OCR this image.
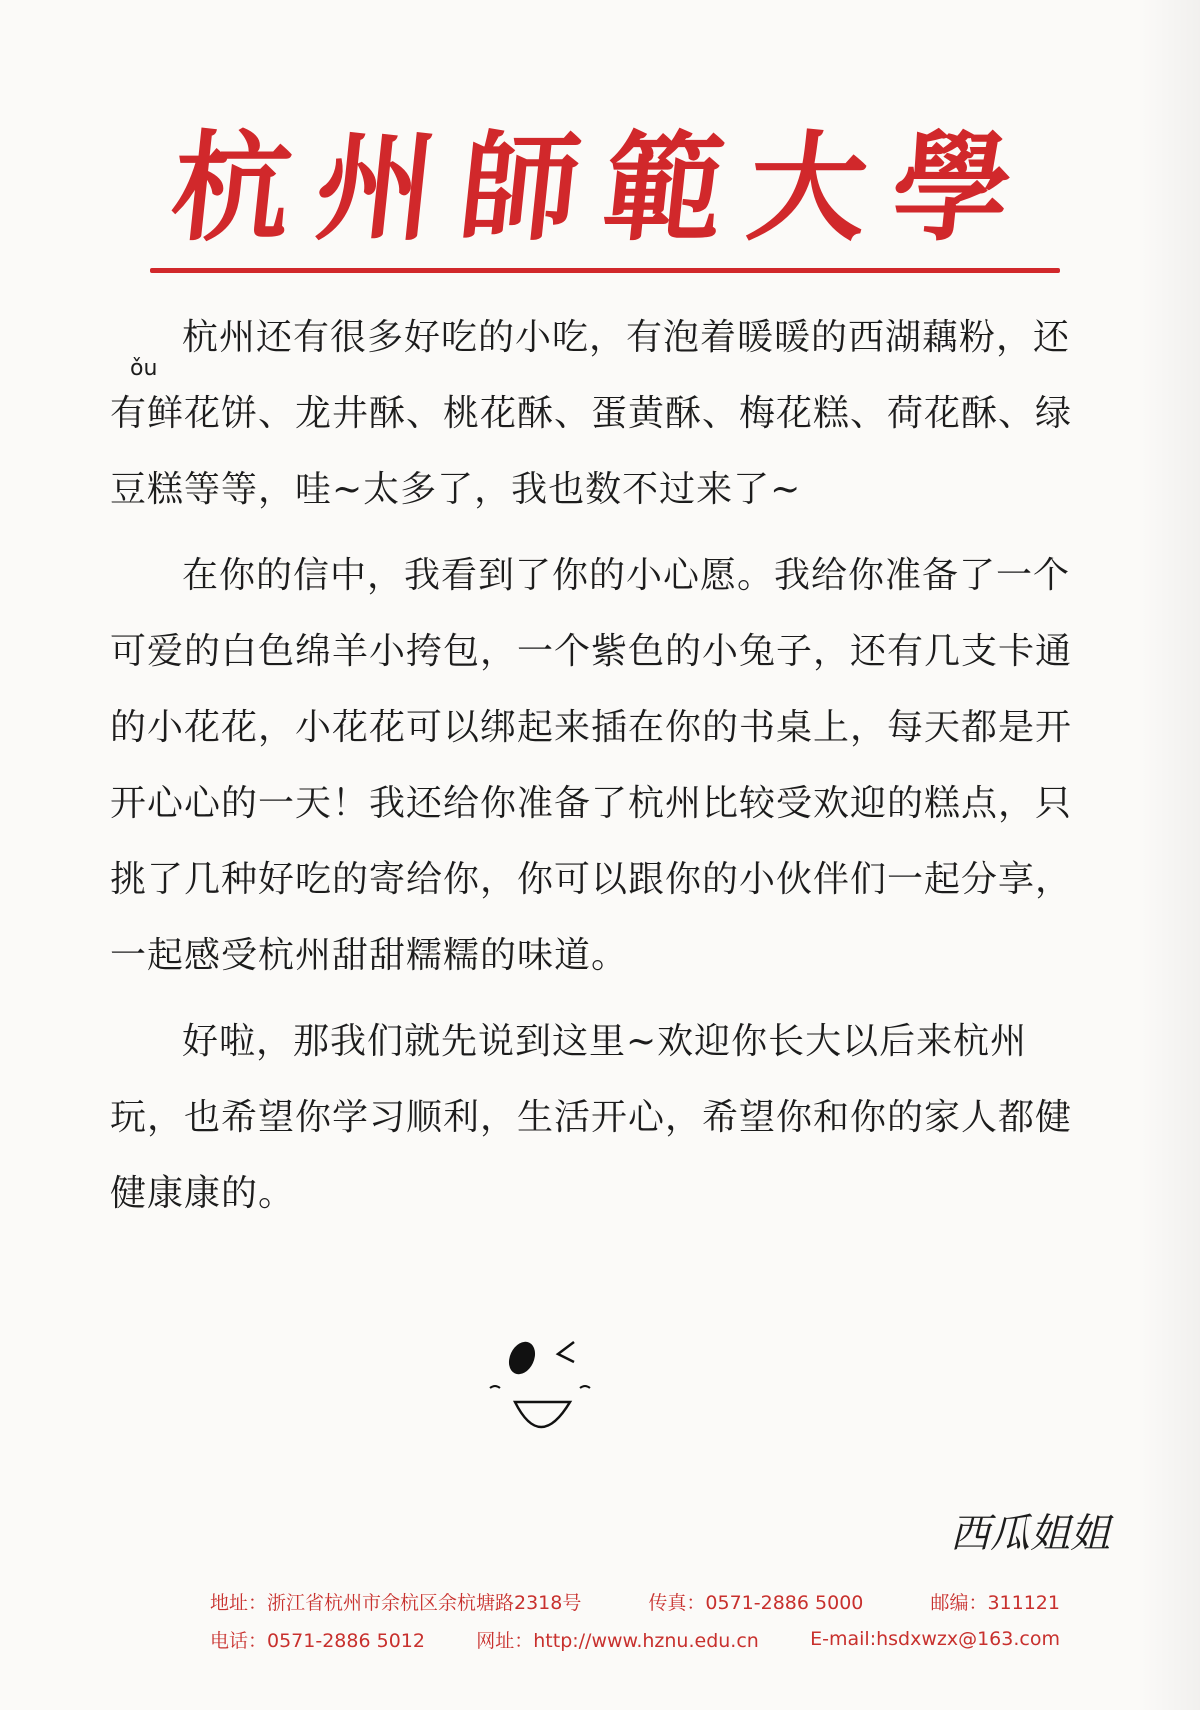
杭州師範大學
ǒu

杭州还有很多好吃的小吃，有泡着暖暖的西湖藕粉，还有鲜花饼、龙井酥、桃花酥、蛋黄酥、梅花糕、荷花酥、绿豆糕等等，哇~太多了，我也数不过来了~

在你的信中，我看到了你的小心愿。我给你准备了一个可爱的白色绵羊小挎包，一个紫色的小兔子，还有几支卡通的小花花，小花花可以绑起来插在你的书桌上，每天都是开开心心的一天！我还给你准备了杭州比较受欢迎的糕点，只挑了几种好吃的寄给你，你可以跟你的小伙伴们一起分享，一起感受杭州甜甜糯糯的味道。

好啦，那我们就先说到这里~欢迎你长大以后来杭州玩，也希望你学习顺利，生活开心，希望你和你的家人都健健康康的。

西瓜姐姐
地址：浙江省杭州市余杭区余杭塘路2318号	传真：0571-2886 5000	邮编：311121
电话：0571-2886 5012	网址：http://www.hznu.edu.cn	E-mail:hsdxwzx@163.com
